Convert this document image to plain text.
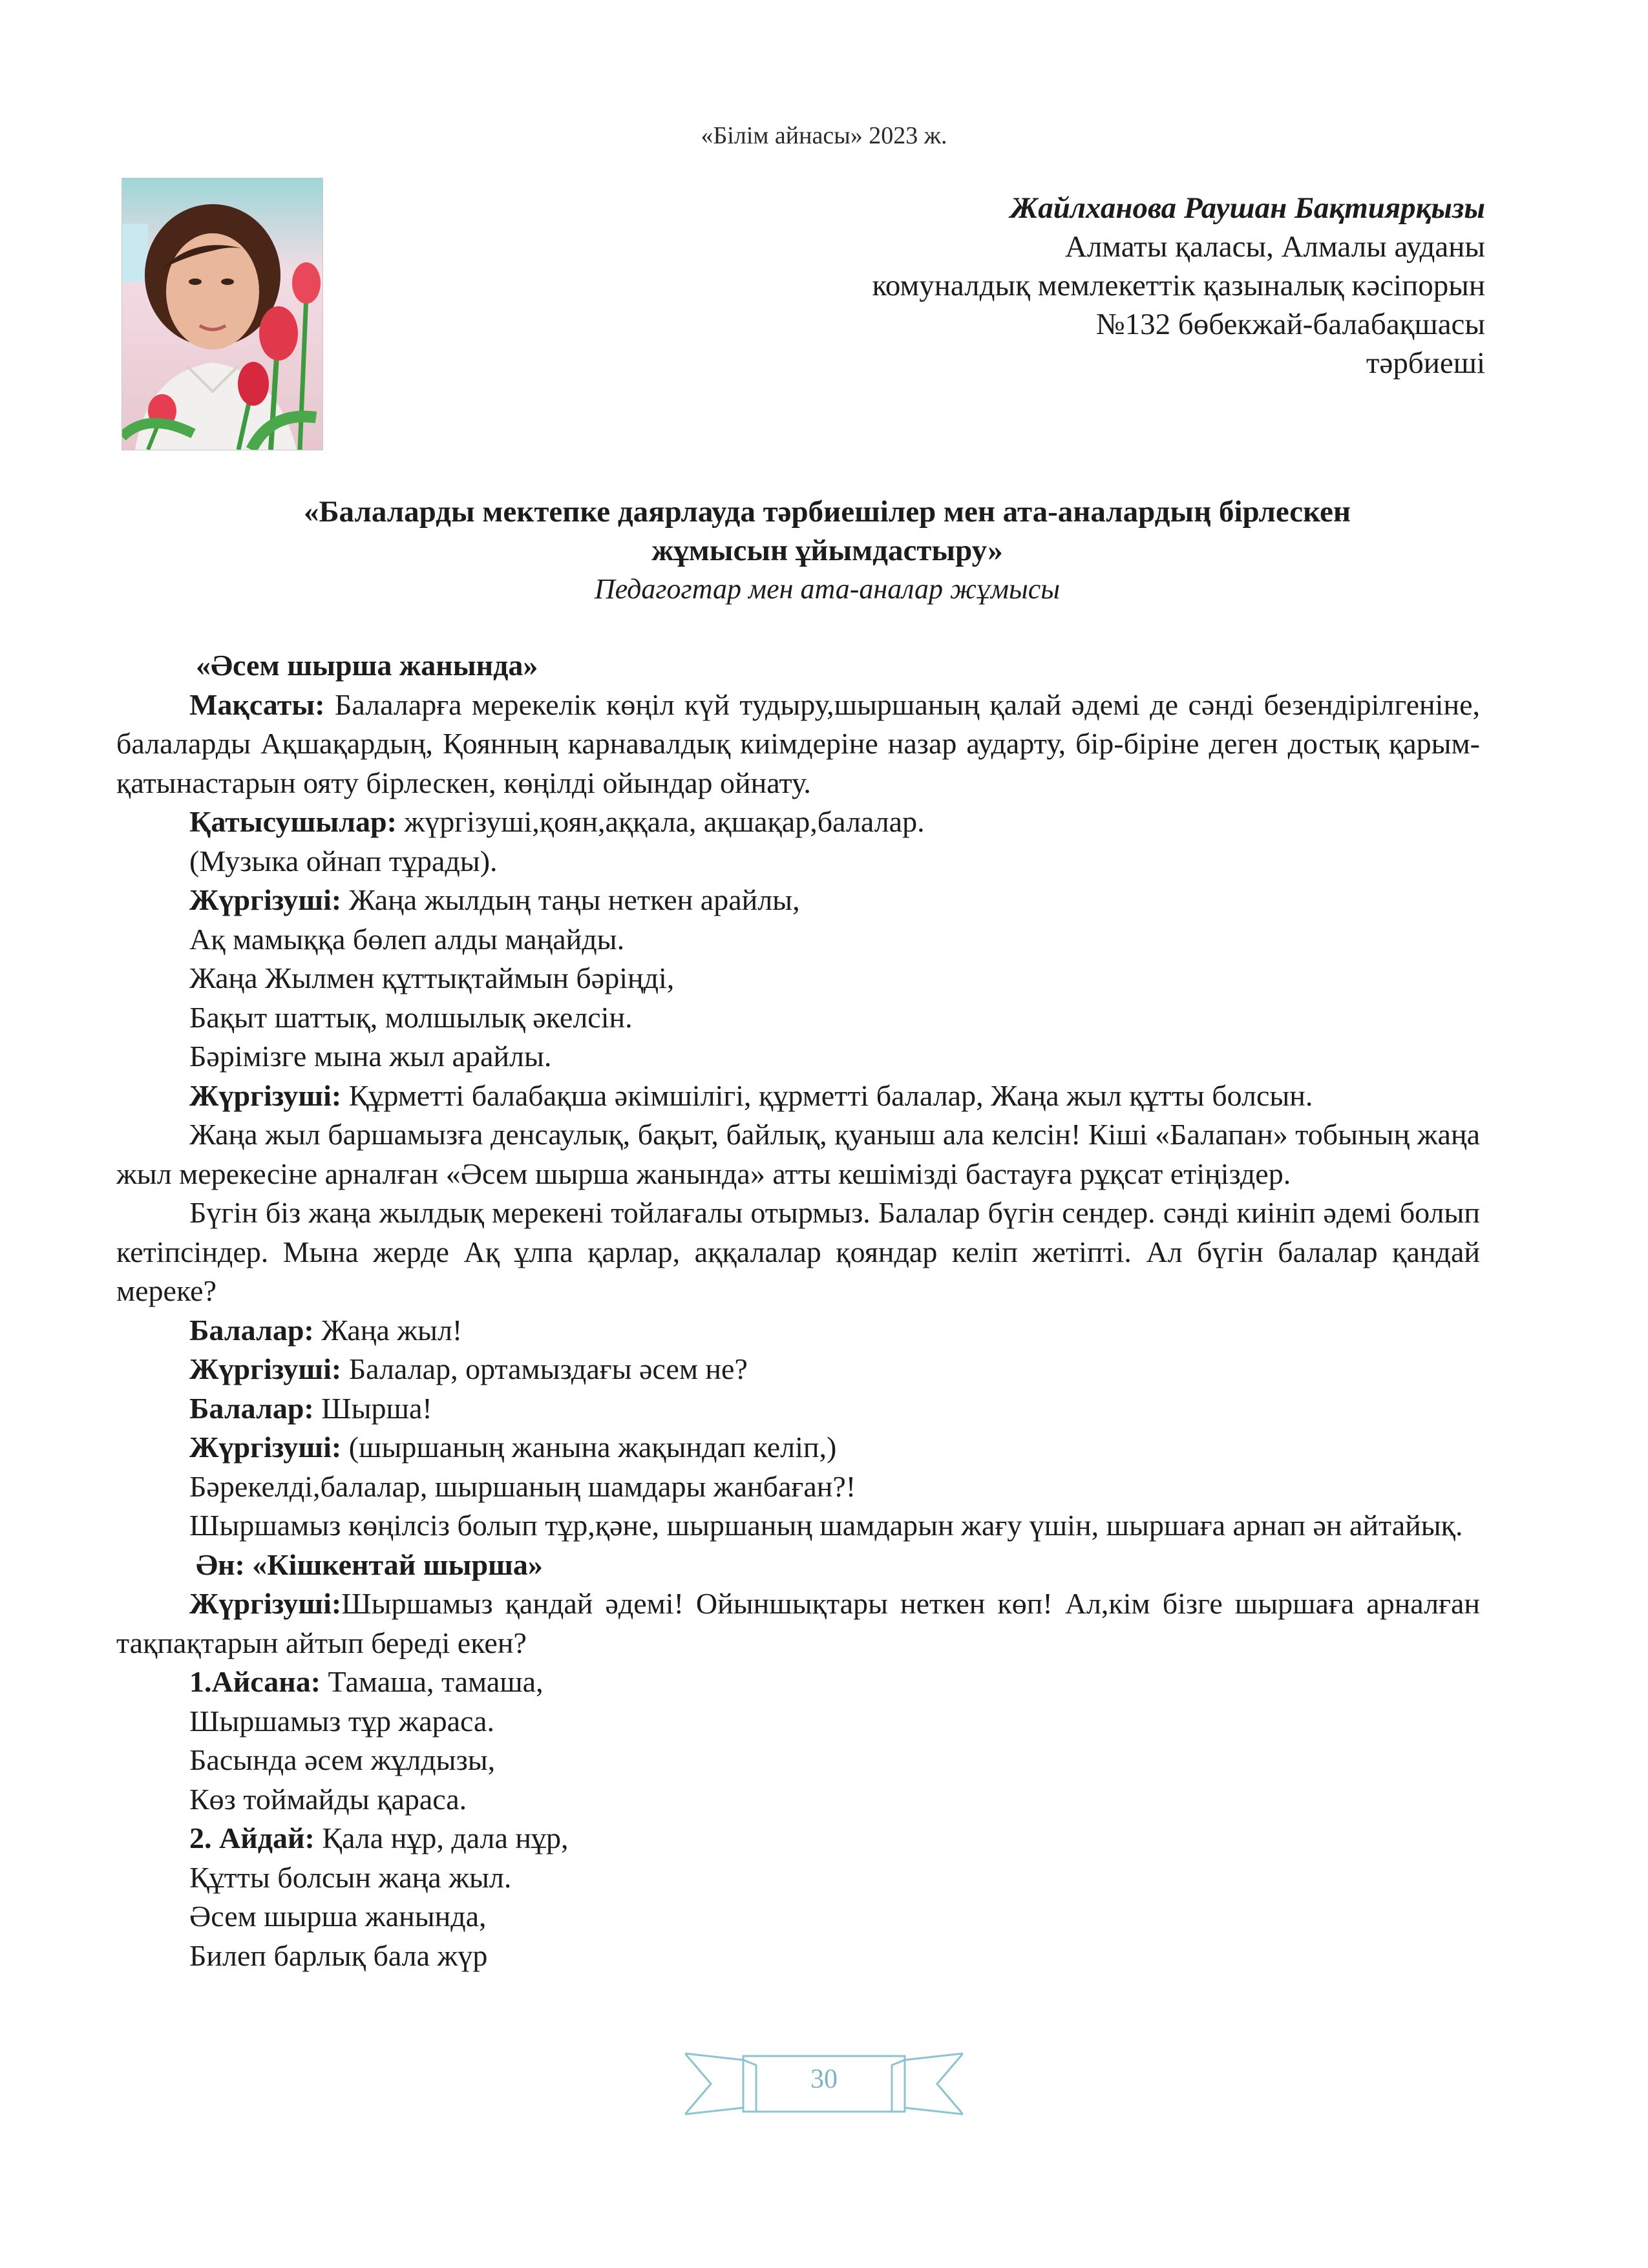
«Білім айнасы» 2023 ж.
Жайлханова Раушан Бақтиярқызы
Алматы қаласы, Алмалы ауданы
комуналдық мемлекеттік қазыналық кәсіпорын
№132 бөбекжай-балабақшасы
тәрбиеші
«Балаларды мектепке даярлауда тәрбиешілер мен ата-аналардың бірлескен
жұмысын ұйымдастыру»
Педагогтар мен ата-аналар жұмысы

«Әсем шырша жанында»

Мақсаты: Балаларға мерекелік көңіл күй тудыру,шыршаның қалай әдемі де сәнді безендірілгеніне, балаларды Ақшақардың, Қоянның карнавалдық киімдеріне назар аударту, бір-біріне деген достық қарым-қатынастарын ояту бірлескен, көңілді ойындар ойнату.

Қатысушылар: жүргізуші,қоян,аққала, ақшақар,балалар.

(Музыка ойнап тұрады).

Жүргізуші: Жаңа жылдың таңы неткен арайлы,

Ақ мамыққа бөлеп алды маңайды.

Жаңа Жылмен құттықтаймын бәріңді,

Бақыт шаттық, молшылық әкелсін.

Бәрімізге мына жыл арайлы.

Жүргізуші: Құрметті балабақша әкімшілігі, құрметті балалар, Жаңа жыл құтты болсын.

Жаңа жыл баршамызға денсаулық, бақыт, байлық, қуаныш ала келсін! Кіші «Балапан» тобының жаңа жыл мерекесіне арналған «Әсем шырша жанында» атты кешімізді бастауға рұқсат етіңіздер.

Бүгін біз жаңа жылдық мерекені тойлағалы отырмыз. Балалар бүгін сендер. сәнді киініп әдемі болып кетіпсіндер. Мына жерде Ақ ұлпа қарлар, аққалалар қояндар келіп жетіпті. Ал бүгін балалар қандай мереке?

Балалар: Жаңа жыл!

Жүргізуші: Балалар, ортамыздағы әсем не?

Балалар: Шырша!

Жүргізуші: (шыршаның жанына жақындап келіп,)

Бәрекелді,балалар, шыршаның шамдары жанбаған?!

Шыршамыз көңілсіз болып тұр,қәне, шыршаның шамдарын жағу үшін, шыршаға арнап ән айтайық.

Ән: «Кішкентай шырша»

Жүргізуші:Шыршамыз қандай әдемі! Ойыншықтары неткен көп! Ал,кім бізге шыршаға арналған тақпақтарын айтып береді екен?

1.Айсана: Тамаша, тамаша,

Шыршамыз тұр жараса.

Басында әсем жұлдызы,

Көз тоймайды қараса.

2. Айдай: Қала нұр, дала нұр,

Құтты болсын жаңа жыл.

Әсем шырша жанында,

Билеп барлық бала жүр

30
